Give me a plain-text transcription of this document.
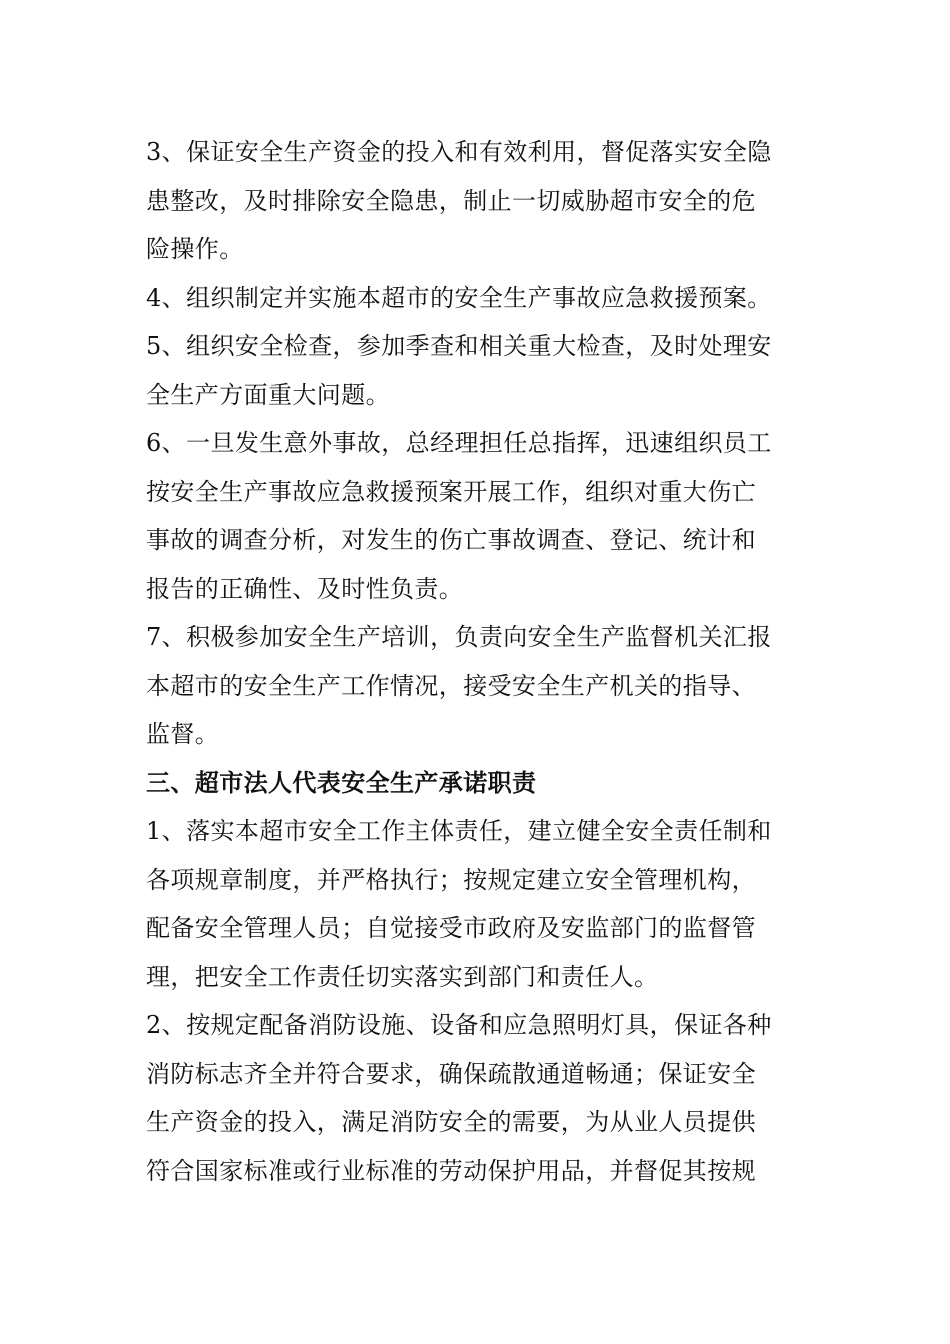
3、保证安全生产资金的投入和有效利用，督促落实安全隐
患整改，及时排除安全隐患，制止一切威胁超市安全的危
险操作。

4、组织制定并实施本超市的安全生产事故应急救援预案。

5、组织安全检查，参加季查和相关重大检查，及时处理安
全生产方面重大问题。

6、一旦发生意外事故，总经理担任总指挥，迅速组织员工
按安全生产事故应急救援预案开展工作，组织对重大伤亡
事故的调查分析，对发生的伤亡事故调查、登记、统计和
报告的正确性、及时性负责。

7、积极参加安全生产培训，负责向安全生产监督机关汇报
本超市的安全生产工作情况，接受安全生产机关的指导、
监督。

三、超市法人代表安全生产承诺职责

1、落实本超市安全工作主体责任，建立健全安全责任制和
各项规章制度，并严格执行；按规定建立安全管理机构，
配备安全管理人员；自觉接受市政府及安监部门的监督管
理，把安全工作责任切实落实到部门和责任人。

2、按规定配备消防设施、设备和应急照明灯具，保证各种
消防标志齐全并符合要求，确保疏散通道畅通；保证安全
生产资金的投入，满足消防安全的需要，为从业人员提供
符合国家标准或行业标准的劳动保护用品，并督促其按规
